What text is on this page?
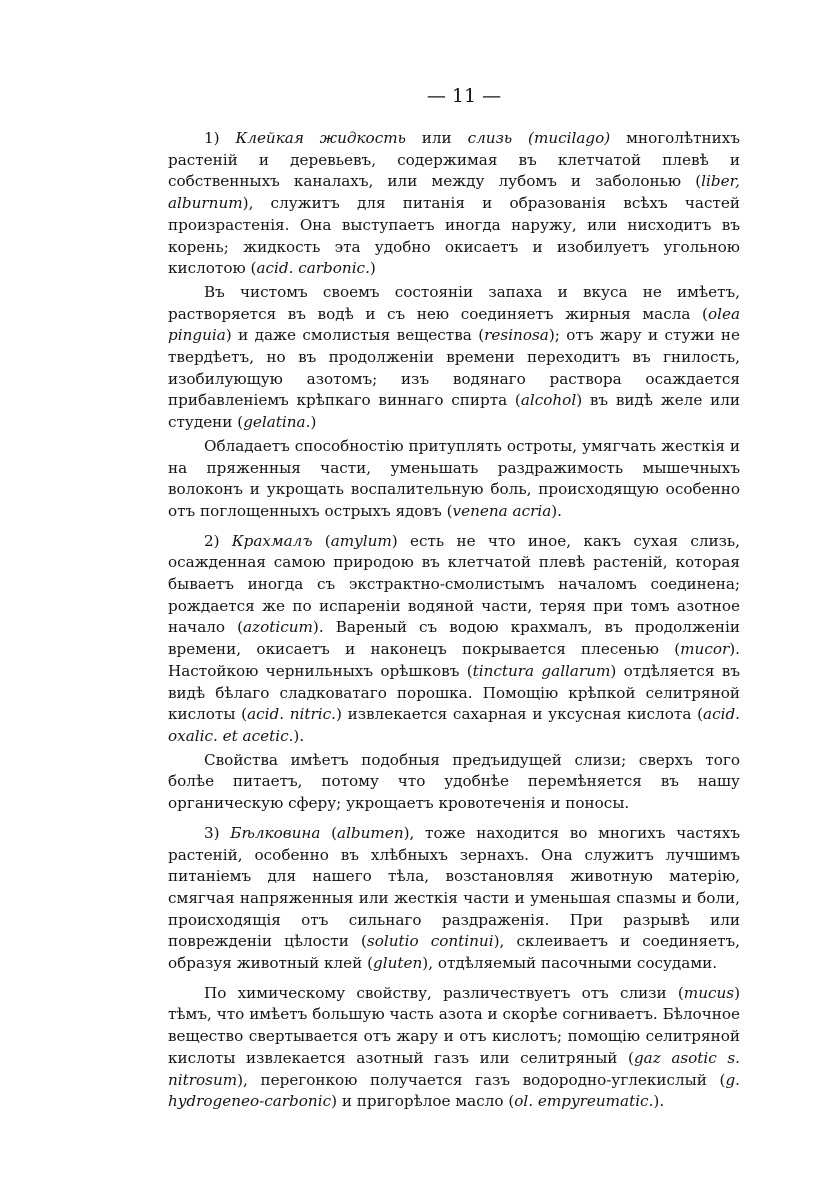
— 11 —
1) Клейкая жидкость или слизь (mucilago) многолѣтнихъ растеній и деревьевъ, содержимая въ клетчатой плевѣ и собственныхъ каналахъ, или между лубомъ и заболонью (liber, alburnum), служитъ для питанія и образованія всѣхъ частей произрастенія. Она выступаетъ иногда наружу, или нисходитъ въ корень; жидкость эта удобно окисаетъ и изобилуетъ угольною кислотою (acid. carbonic.)
Въ чистомъ своемъ состояніи запаха и вкуса не имѣетъ, растворяется въ водѣ и съ нею соединяетъ жирныя масла (olea pinguia) и даже смолистыя вещества (resinosa); отъ жару и стужи не твердѣетъ, но въ продолженіи времени переходитъ въ гнилость, изобилующую азотомъ; изъ водянаго раствора осаждается прибавленіемъ крѣпкаго виннаго спирта (alcohol) въ видѣ желе или студени (gelatina.)
Обладаетъ способностію притуплять остроты, умягчать жесткія и на пряженныя части, уменьшать раздражимость мышечныхъ волоконъ и укрощать воспалительную боль, происходящую особенно отъ поглощенныхъ острыхъ ядовъ (venena acria).
2) Крахмалъ (amylum) есть не что иное, какъ сухая слизь, осажденная самою природою въ клетчатой плевѣ растеній, которая бываетъ иногда съ экстрактно-смолистымъ началомъ соединена; рождается же по испареніи водяной части, теряя при томъ азотное начало (azoticum). Вареный съ водою крахмалъ, въ продолженіи времени, окисаетъ и наконецъ покрывается плесенью (mucor). Настойкою чернильныхъ орѣшковъ (tinctura gallarum) отдѣляется въ видѣ бѣлаго сладковатаго порошка. Помощію крѣпкой селитряной кислоты (acid. nitric.) извлекается сахарная и уксусная кислота (acid. oxalic. et acetic.).
Свойства имѣетъ подобныя предъидущей слизи; сверхъ того болѣе питаетъ, потому что удобнѣе перемѣняется въ нашу органическую сферу; укрощаетъ кровотеченія и поносы.
3) Бѣлковина (albumen), тоже находится во многихъ частяхъ растеній, особенно въ хлѣбныхъ зернахъ. Она служитъ лучшимъ питаніемъ для нашего тѣла, возстановляя животную матерію, смягчая напряженныя или жесткія части и уменьшая спазмы и боли, происходящія отъ сильнаго раздраженія. При разрывѣ или поврежденіи цѣлости (solutio continui), склеиваетъ и соединяетъ, образуя животный клей (gluten), отдѣляемый пасочными сосудами.
По химическому свойству, различествуетъ отъ слизи (mucus) тѣмъ, что имѣетъ большую часть азота и скорѣе согниваетъ. Бѣлочное вещество свертывается отъ жару и отъ кислотъ; помощію селитряной кислоты извлекается азотный газъ или селитряный (gaz asotic s. nitrosum), перегонкою получается газъ водородно-углекислый (g. hydrogeneo-carbonic) и пригорѣлое масло (ol. empyreumatic.).
